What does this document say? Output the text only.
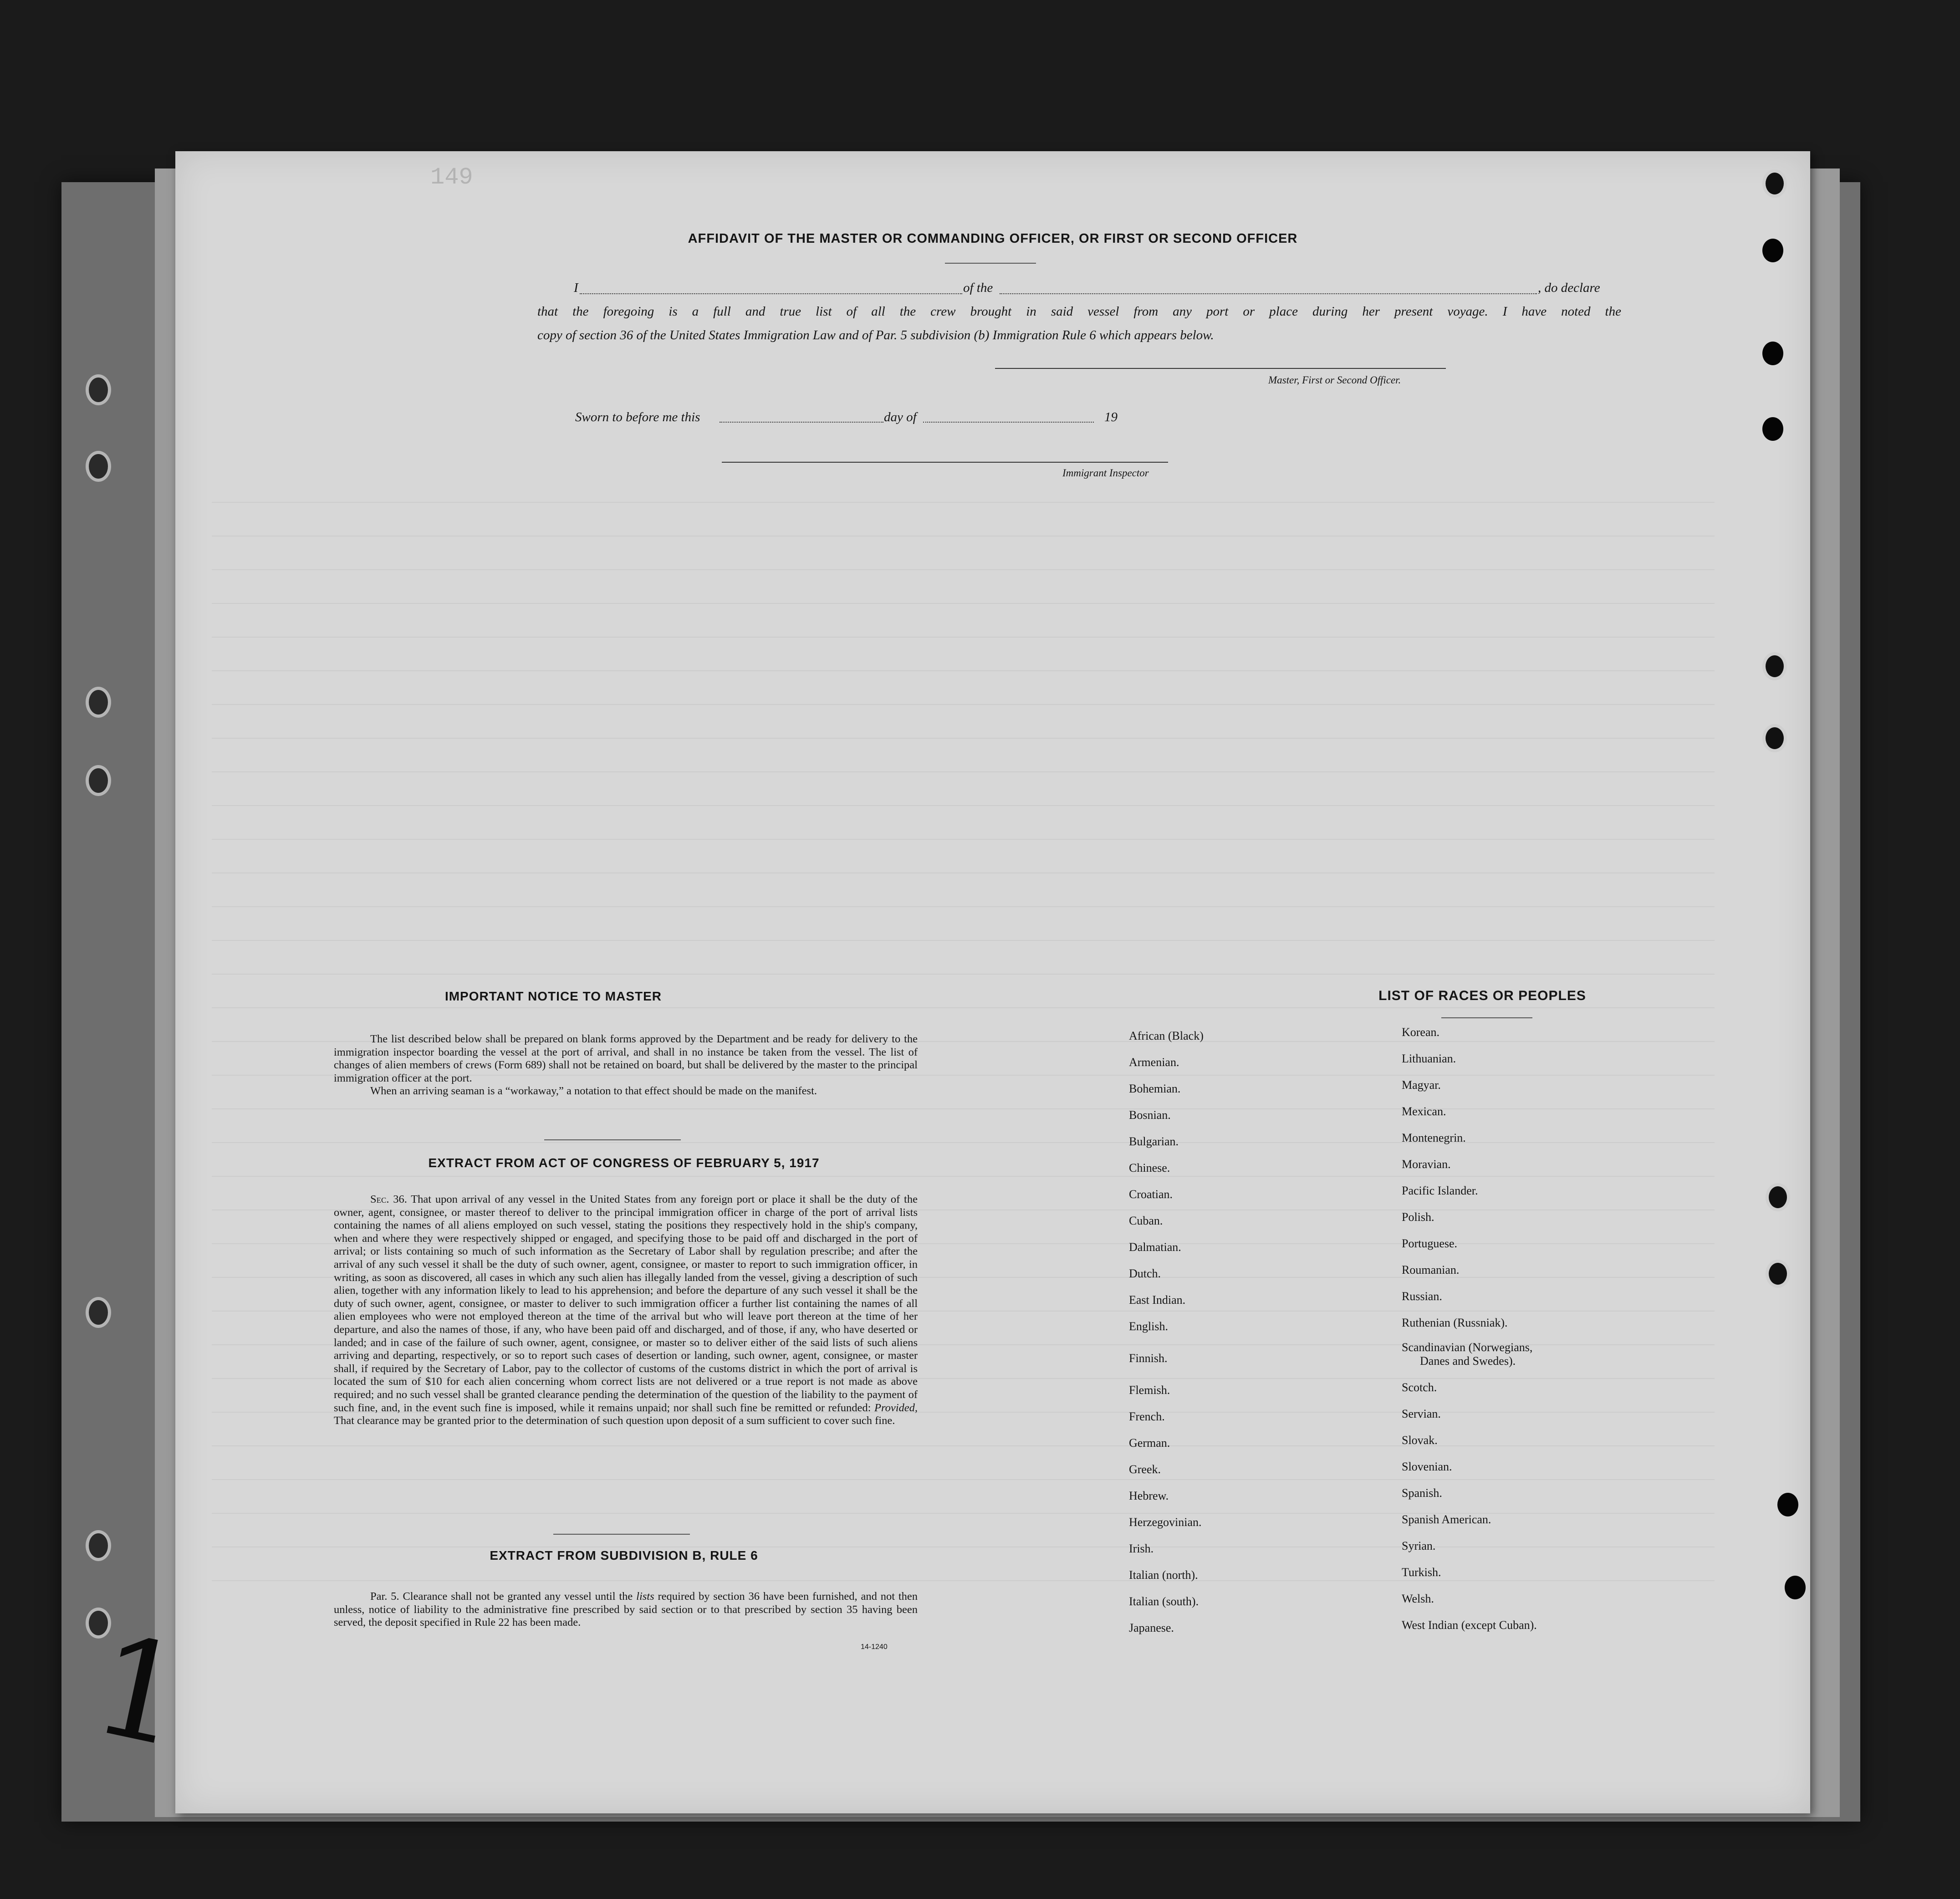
149
AFFIDAVIT OF THE MASTER OR COMMANDING OFFICER, OR FIRST OR SECOND OFFICER
I	of the	, do declare
that the foregoing is a full and true list of all the crew brought in said vessel from any port or place during her present voyage. I have noted the
copy of section 36 of the United States Immigration Law and of Par. 5 subdivision (b) Immigration Rule 6 which appears below.
Master, First or Second Officer.
Sworn to before me this	day of	19
Immigrant Inspector
IMPORTANT NOTICE TO MASTER

The list described below shall be prepared on blank forms approved by the Department and be ready for delivery to the immigration inspector boarding the vessel at the port of arrival, and shall in no instance be taken from the vessel. The list of changes of alien members of crews (Form 689) shall not be retained on board, but shall be delivered by the master to the principal immigration officer at the port.

When an arriving seaman is a “workaway,” a notation to that effect should be made on the manifest.

EXTRACT FROM ACT OF CONGRESS OF FEBRUARY 5, 1917

Sec. 36. That upon arrival of any vessel in the United States from any foreign port or place it shall be the duty of the owner, agent, consignee, or master thereof to deliver to the principal immigration officer in charge of the port of arrival lists containing the names of all aliens employed on such vessel, stating the positions they respectively hold in the ship's company, when and where they were respectively shipped or engaged, and specifying those to be paid off and discharged in the port of arrival; or lists containing so much of such information as the Secretary of Labor shall by regulation prescribe; and after the arrival of any such vessel it shall be the duty of such owner, agent, consignee, or master to report to such immigration officer, in writing, as soon as discovered, all cases in which any such alien has illegally landed from the vessel, giving a description of such alien, together with any information likely to lead to his apprehension; and before the departure of any such vessel it shall be the duty of such owner, agent, consignee, or master to deliver to such immigration officer a further list containing the names of all alien employees who were not employed thereon at the time of the arrival but who will leave port thereon at the time of her departure, and also the names of those, if any, who have been paid off and discharged, and of those, if any, who have deserted or landed; and in case of the failure of such owner, agent, consignee, or master so to deliver either of the said lists of such aliens arriving and departing, respectively, or so to report such cases of desertion or landing, such owner, agent, consignee, or master shall, if required by the Secretary of Labor, pay to the collector of customs of the customs district in which the port of arrival is located the sum of $10 for each alien concerning whom correct lists are not delivered or a true report is not made as above required; and no such vessel shall be granted clearance pending the determination of the question of the liability to the payment of such fine, and, in the event such fine is imposed, while it remains unpaid; nor shall such fine be remitted or refunded: Provided, That clearance may be granted prior to the determination of such question upon deposit of a sum sufficient to cover such fine.

EXTRACT FROM SUBDIVISION B, RULE 6

Par. 5. Clearance shall not be granted any vessel until the lists required by section 36 have been furnished, and not then unless, notice of liability to the administrative fine prescribed by said section or to that prescribed by section 35 having been served, the deposit specified in Rule 22 has been made.

14-1240
LIST OF RACES OR PEOPLES
African (Black)
Armenian.
Bohemian.
Bosnian.
Bulgarian.
Chinese.
Croatian.
Cuban.
Dalmatian.
Dutch.
East Indian.
English.
Finnish.
Flemish.
French.
German.
Greek.
Hebrew.
Herzegovinian.
Irish.
Italian (north).
Italian (south).
Japanese.
Korean.
Lithuanian.
Magyar.
Mexican.
Montenegrin.
Moravian.
Pacific Islander.
Polish.
Portuguese.
Roumanian.
Russian.
Ruthenian (Russniak).
Scandinavian (Norwegians,
Danes and Swedes).
Scotch.
Servian.
Slovak.
Slovenian.
Spanish.
Spanish American.
Syrian.
Turkish.
Welsh.
West Indian (except Cuban).
